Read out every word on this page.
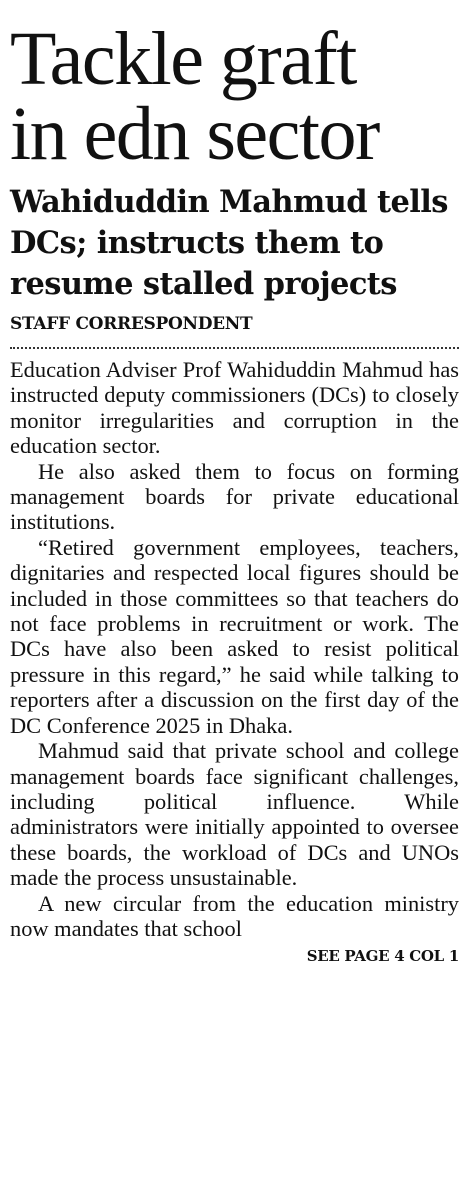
Tackle graft
in edn sector
Wahiduddin Mahmud tells DCs; instructs them to resume stalled projects
STAFF CORRESPONDENT

Education Adviser Prof Wahiduddin Mahmud has instructed deputy commissioners (DCs) to closely monitor irregularities and corruption in the education sector.

He also asked them to focus on forming management boards for private educational institutions.

“Retired government employees, teachers, dignitaries and respected local figures should be included in those committees so that teachers do not face problems in recruitment or work. The DCs have also been asked to resist political pressure in this regard,” he said while talking to reporters after a discussion on the first day of the DC Conference 2025 in Dhaka.

Mahmud said that private school and college management boards face significant challenges, including political influence. While administrators were initially appointed to oversee these boards, the workload of DCs and UNOs made the process unsustainable.

A new circular from the education ministry now mandates that school

SEE PAGE 4 COL 1
